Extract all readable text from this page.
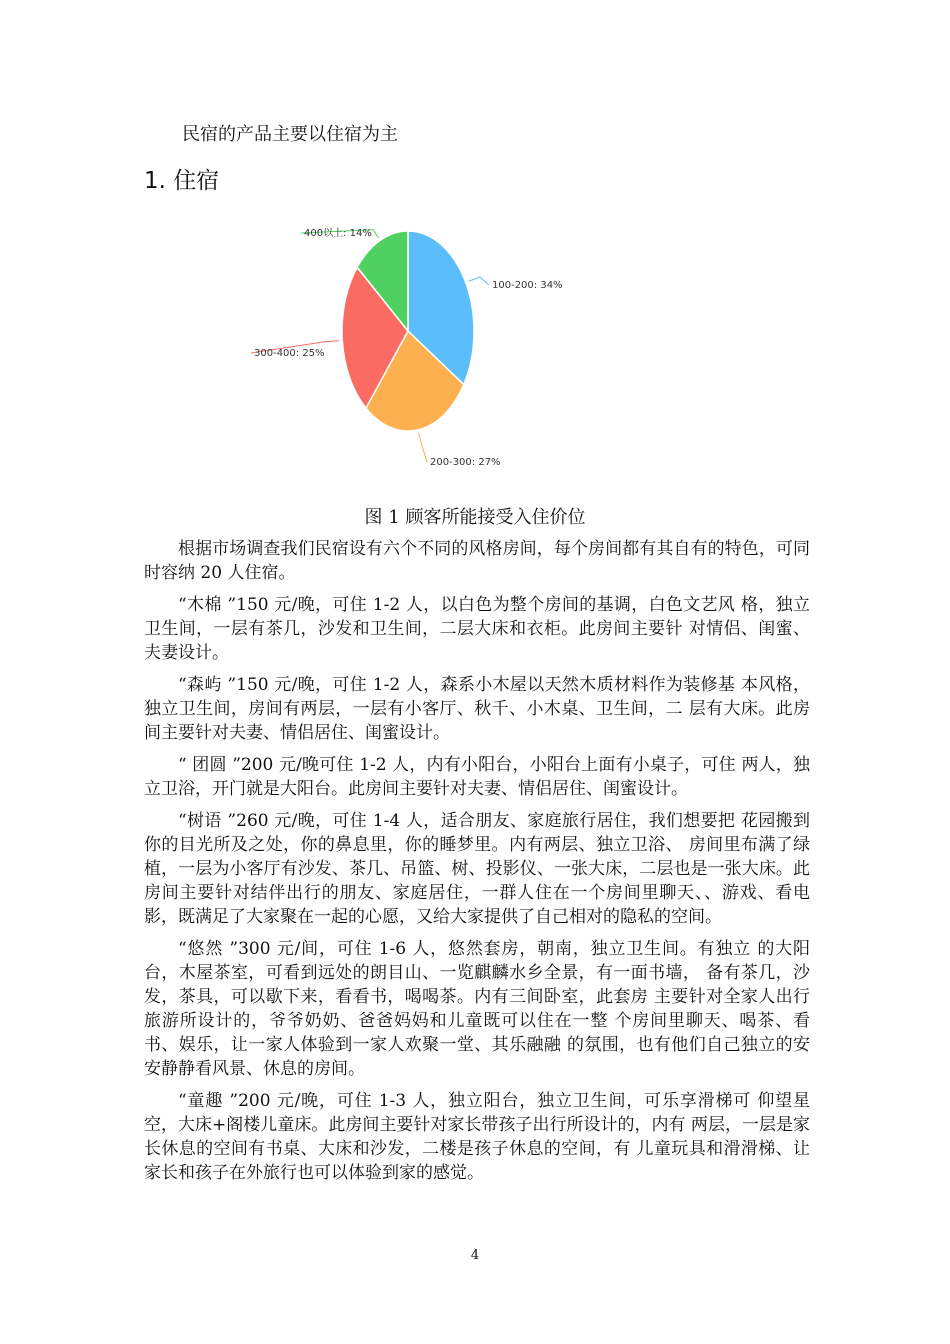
民宿的产品主要以住宿为主
1. 住宿
100-200: 34%
200-300: 27%
300-400: 25%
400以上: 14%
图 1 顾客所能接受入住价位

根据市场调查我们民宿设有六个不同的风格房间，每个房间都有其自有的特色，可同时容纳 20 人住宿。

“木棉 ”150 元/晚，可住 1-2 人，以白色为整个房间的基调，白色文艺风 格，独立卫生间，一层有茶几，沙发和卫生间，二层大床和衣柜。此房间主要针 对情侣、闺蜜、夫妻设计。

“森屿 ”150 元/晚，可住 1-2 人，森系小木屋以天然木质材料作为装修基 本风格，独立卫生间，房间有两层，一层有小客厅、秋千、小木桌、卫生间，二 层有大床。此房间主要针对夫妻、情侣居住、闺蜜设计。

“ 团圆 ”200 元/晚可住 1-2 人，内有小阳台，小阳台上面有小桌子，可住 两人，独立卫浴，开门就是大阳台。此房间主要针对夫妻、情侣居住、闺蜜设计。

“树语 ”260 元/晚，可住 1-4 人，适合朋友、家庭旅行居住，我们想要把 花园搬到你的目光所及之处，你的鼻息里，你的睡梦里。内有两层、独立卫浴、 房间里布满了绿植，一层为小客厅有沙发、茶几、吊篮、树、投影仪、一张大床，二层也是一张大床。此房间主要针对结伴出行的朋友、家庭居住，一群人住在一个房间里聊天、、游戏、看电影，既满足了大家聚在一起的心愿，又给大家提供了自己相对的隐私的空间。

“悠然 ”300 元/间，可住 1-6 人，悠然套房，朝南，独立卫生间。有独立 的大阳台，木屋茶室，可看到远处的朗目山、一览麒麟水乡全景，有一面书墙， 备有茶几，沙发，茶具，可以歇下来，看看书，喝喝茶。内有三间卧室，此套房 主要针对全家人出行旅游所设计的，爷爷奶奶、爸爸妈妈和儿童既可以住在一整 个房间里聊天、喝茶、看书、娱乐，让一家人体验到一家人欢聚一堂、其乐融融 的氛围，也有他们自己独立的安安静静看风景、休息的房间。

“童趣 ”200 元/晚，可住 1-3 人，独立阳台，独立卫生间，可乐享滑梯可 仰望星空，大床+阁楼儿童床。此房间主要针对家长带孩子出行所设计的，内有 两层，一层是家长休息的空间有书桌、大床和沙发，二楼是孩子休息的空间，有 儿童玩具和滑滑梯、让家长和孩子在外旅行也可以体验到家的感觉。

4
